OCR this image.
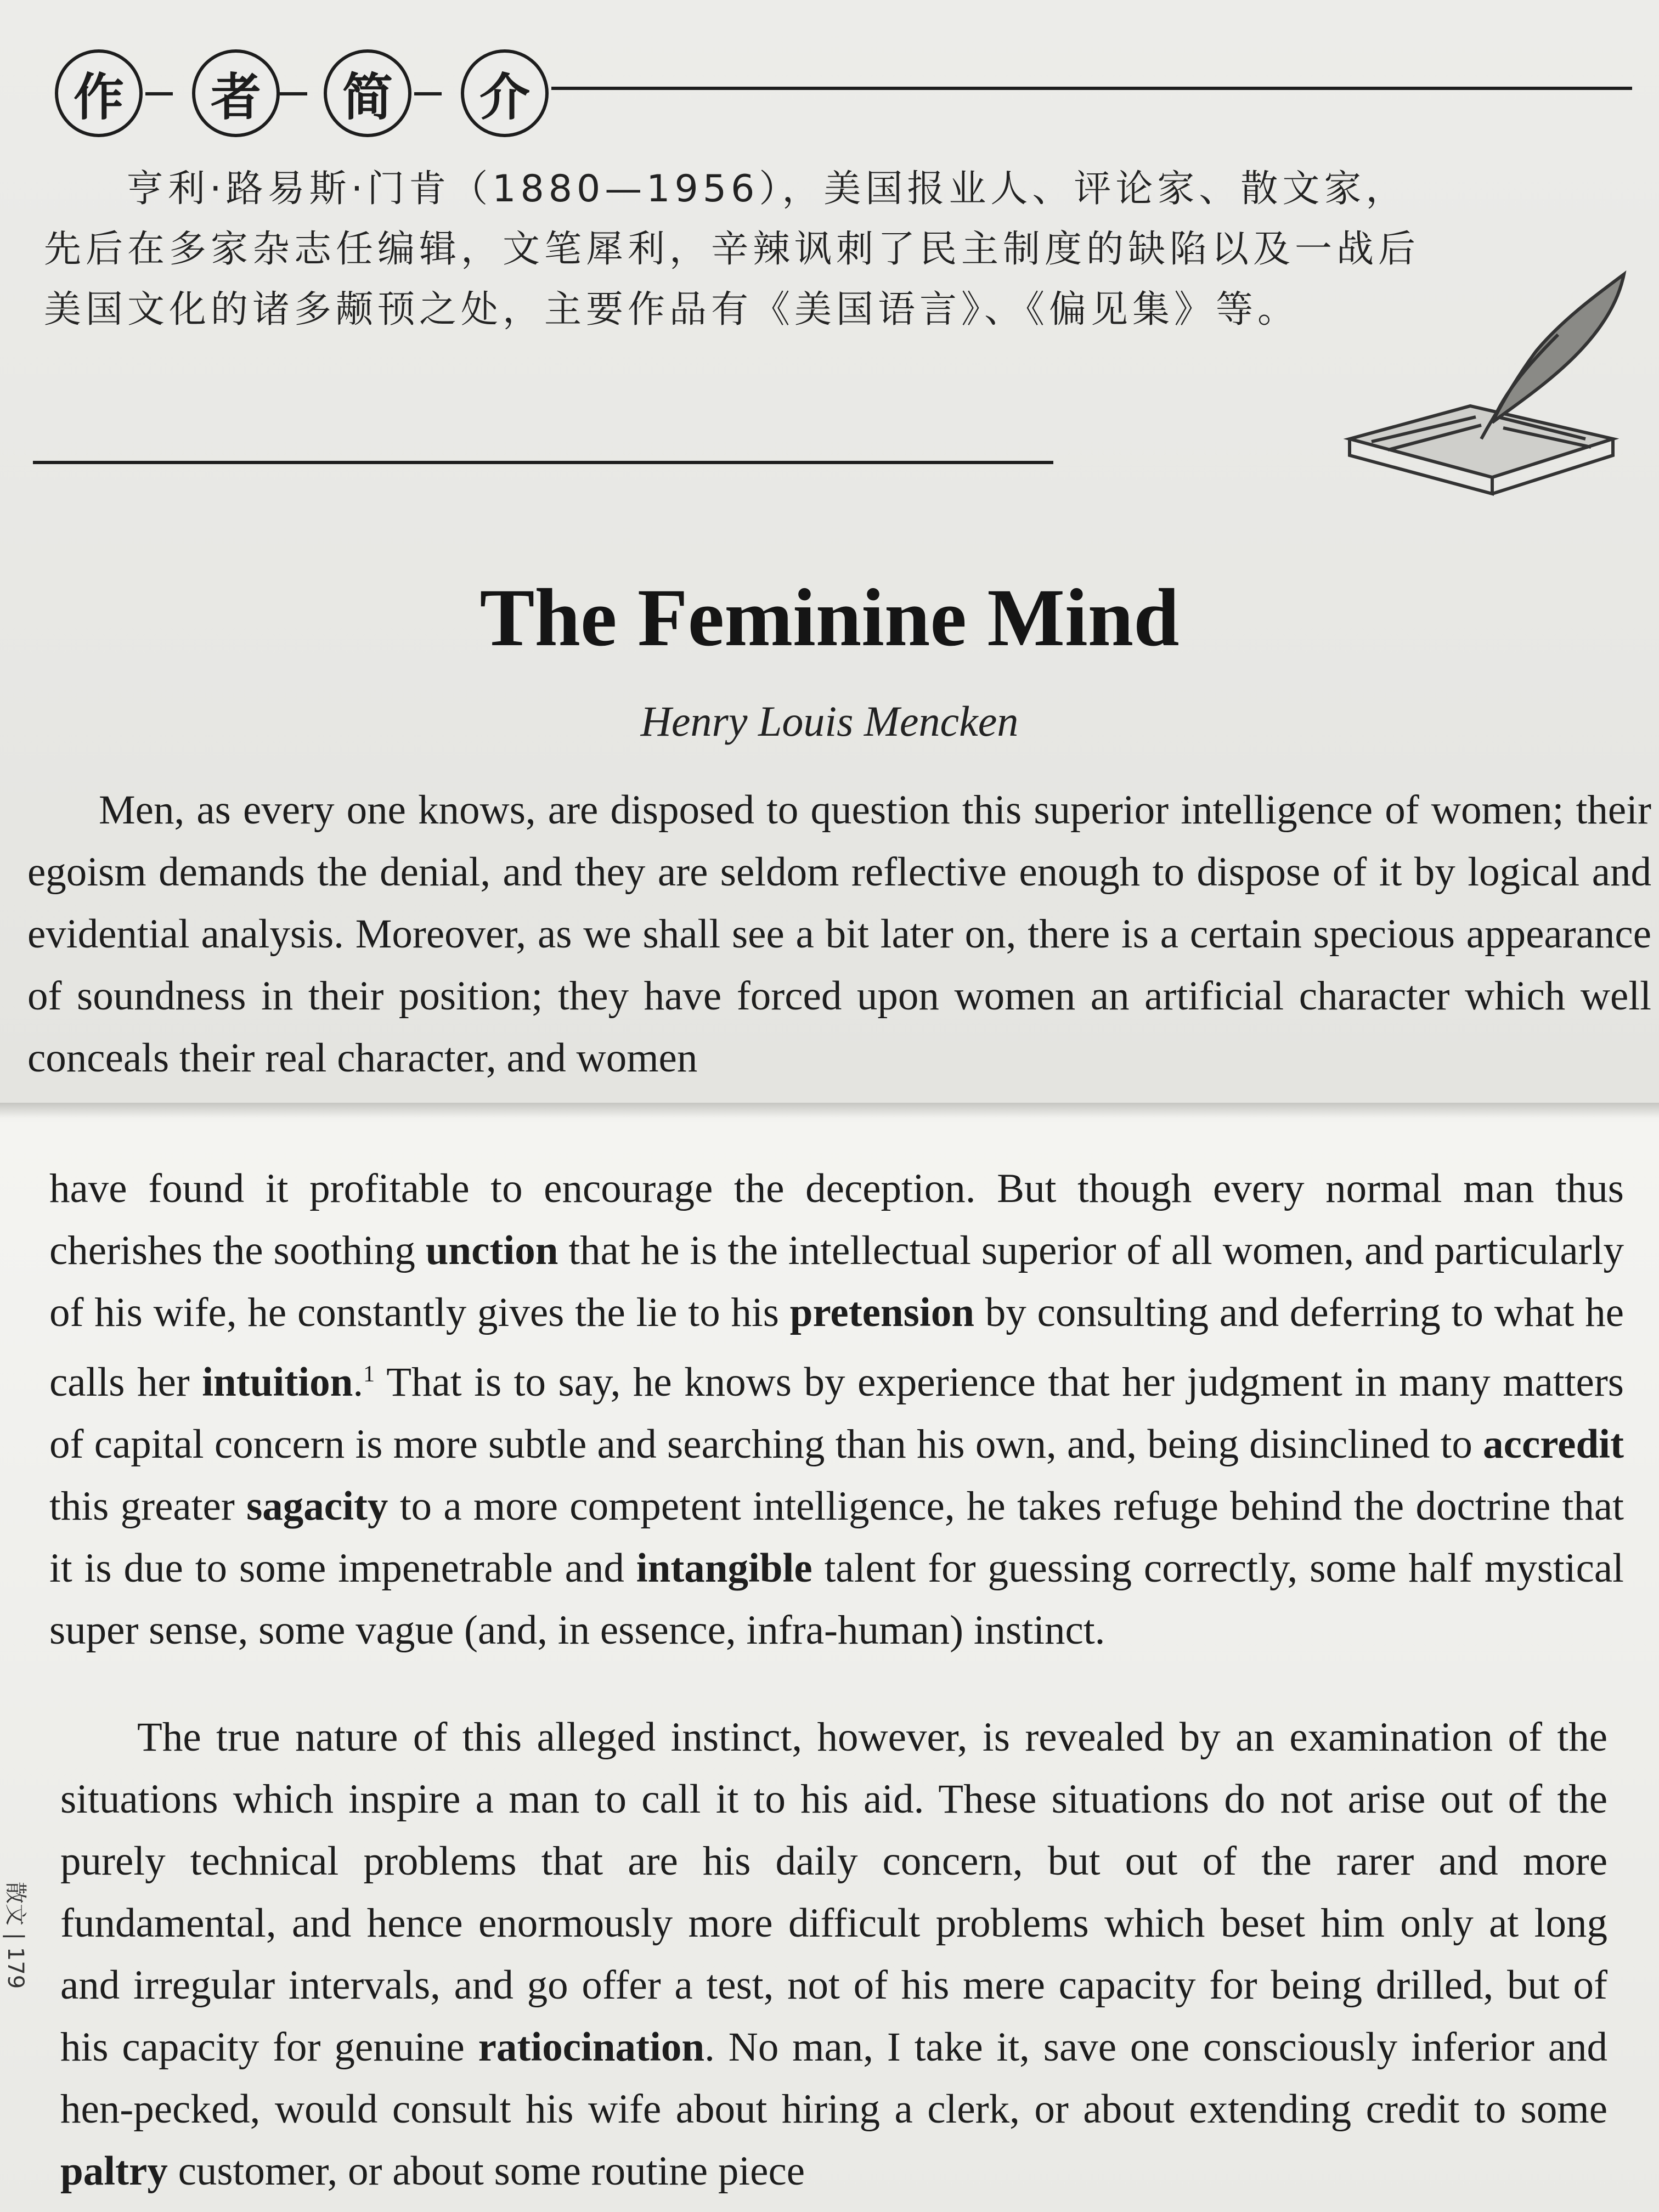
作	者	简	介
亨利·路易斯·门肯（1880—1956），美国报业人、评论家、散文家，先后在多家杂志任编辑，文笔犀利，辛辣讽刺了民主制度的缺陷以及一战后美国文化的诸多颟顸之处，主要作品有《美国语言》、《偏见集》等。
The Feminine Mind
Henry Louis Mencken
Men, as every one knows, are disposed to question this superior intelligence of women; their egoism demands the denial, and they are seldom reflective enough to dispose of it by logical and evidential analysis. Moreover, as we shall see a bit later on, there is a certain specious appearance of soundness in their position; they have forced upon women an artificial character which well conceals their real character, and women
have found it profitable to encourage the deception. But though every normal man thus cherishes the soothing unction that he is the intellectual superior of all women, and particularly of his wife, he constantly gives the lie to his pretension by consulting and deferring to what he calls her intuition.$^1$ That is to say, he knows by experience that her judgment in many matters of capital concern is more subtle and searching than his own, and, being disinclined to accredit this greater sagacity to a more competent intelligence, he takes refuge behind the doctrine that it is due to some impenetrable and intangible talent for guessing correctly, some half mystical super sense, some vague (and, in essence, infra-human) instinct.
The true nature of this alleged instinct, however, is revealed by an examination of the situations which inspire a man to call it to his aid. These situations do not arise out of the purely technical problems that are his daily concern, but out of the rarer and more fundamental, and hence enormously more difficult problems which beset him only at long and irregular intervals, and go offer a test, not of his mere capacity for being drilled, but of his capacity for genuine ratiocination. No man, I take it, save one consciously inferior and hen-pecked, would consult his wife about hiring a clerk, or about extending credit to some paltry customer, or about some routine piece
散文 | 179
